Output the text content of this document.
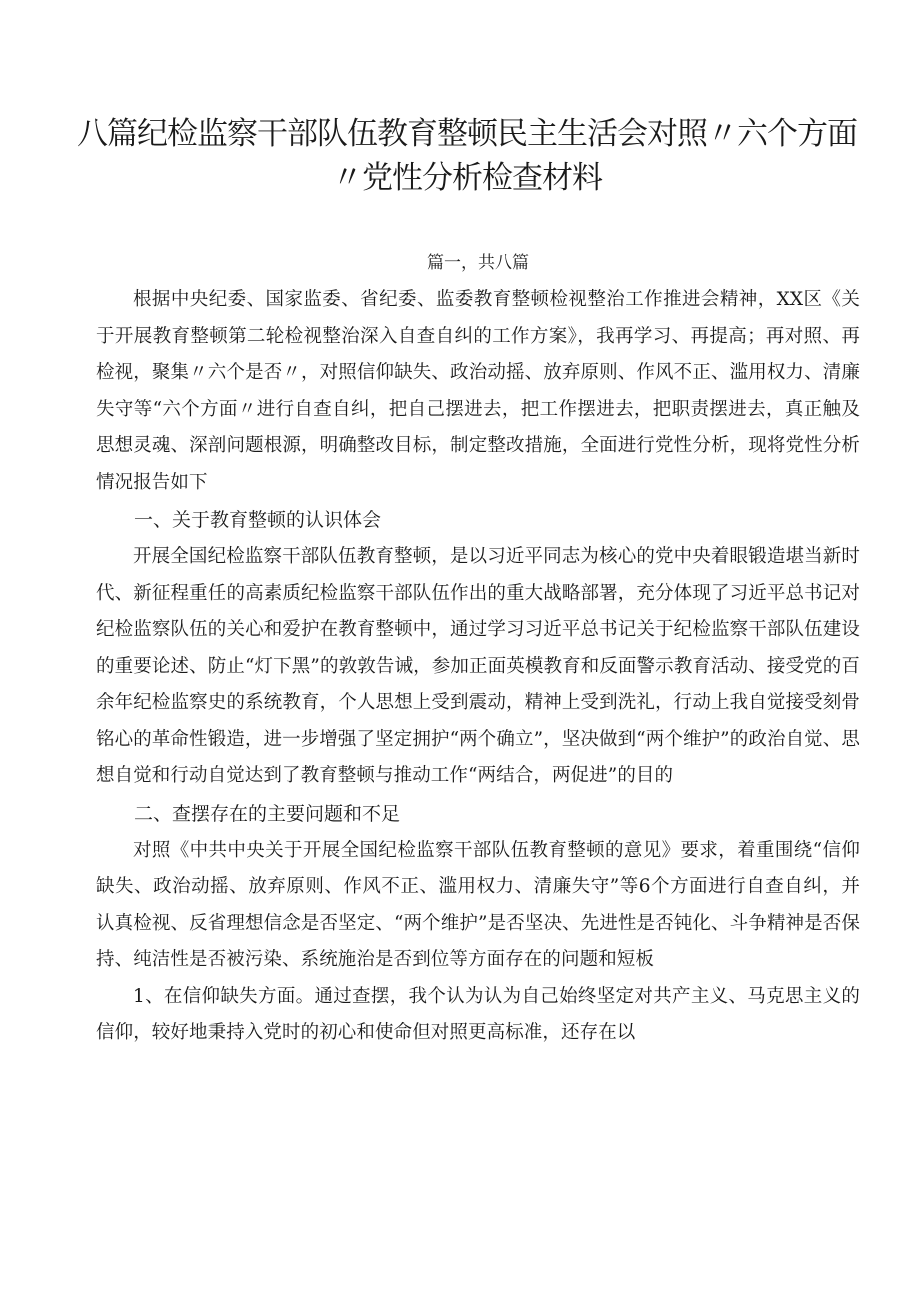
八篇纪检监察干部队伍教育整顿民主生活会对照〃六个方面〃党性分析检查材料
篇一，共八篇

根据中央纪委、国家监委、省纪委、监委教育整顿检视整治工作推进会精神，XX区《关于开展教育整顿第二轮检视整治深入自查自纠的工作方案》，我再学习、再提高；再对照、再检视，聚集〃六个是否〃，对照信仰缺失、政治动摇、放弃原则、作风不正、滥用权力、清廉失守等“六个方面〃进行自查自纠，把自己摆进去，把工作摆进去，把职责摆进去，真正触及思想灵魂、深剖问题根源，明确整改目标，制定整改措施，全面进行党性分析，现将党性分析情况报告如下

一、关于教育整顿的认识体会

开展全国纪检监察干部队伍教育整顿，是以习近平同志为核心的党中央着眼锻造堪当新时代、新征程重任的高素质纪检监察干部队伍作出的重大战略部署，充分体现了习近平总书记对纪检监察队伍的关心和爱护在教育整顿中，通过学习习近平总书记关于纪检监察干部队伍建设的重要论述、防止“灯下黑”的敦敦告诫，参加正面英模教育和反面警示教育活动、接受党的百余年纪检监察史的系统教育，个人思想上受到震动，精神上受到洗礼，行动上我自觉接受刻骨铭心的革命性锻造，进一步增强了坚定拥护“两个确立”，坚决做到“两个维护”的政治自觉、思想自觉和行动自觉达到了教育整顿与推动工作“两结合，两促进”的目的

二、查摆存在的主要问题和不足

对照《中共中央关于开展全国纪检监察干部队伍教育整顿的意见》要求，着重围绕“信仰缺失、政治动摇、放弃原则、作风不正、滥用权力、清廉失守”等6个方面进行自查自纠，并认真检视、反省理想信念是否坚定、“两个维护”是否坚决、先进性是否钝化、斗争精神是否保持、纯洁性是否被污染、系统施治是否到位等方面存在的问题和短板

1、在信仰缺失方面。通过查摆，我个认为认为自己始终坚定对共产主义、马克思主义的信仰，较好地秉持入党时的初心和使命但对照更高标准，还存在以
